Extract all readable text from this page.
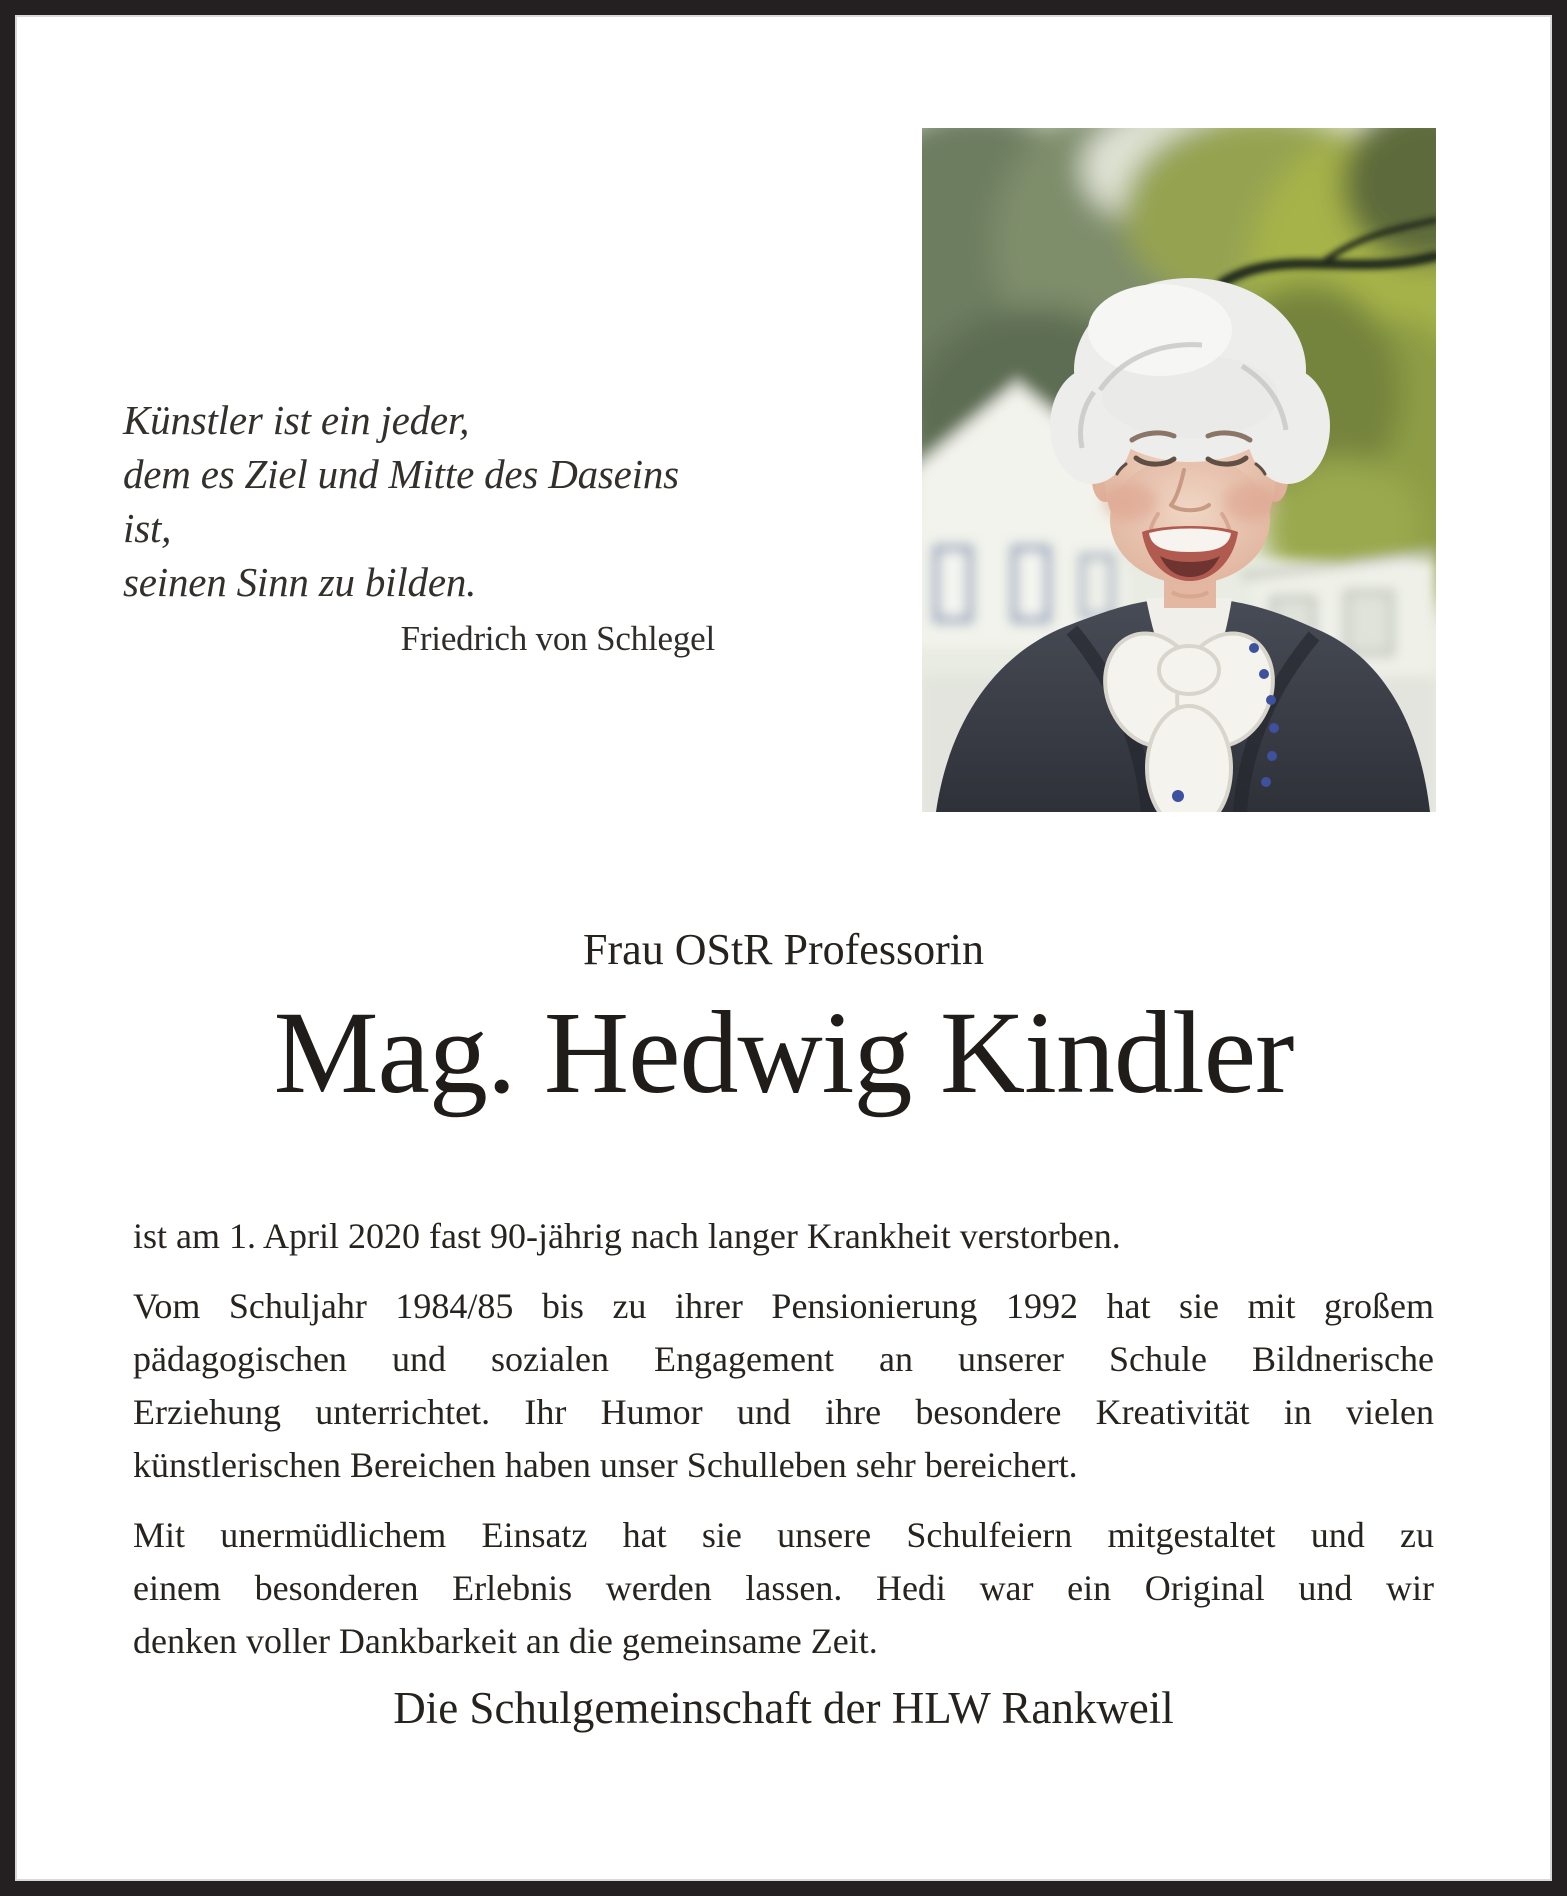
Künstler ist ein jeder,
dem es Ziel und Mitte des Daseins ist,
seinen Sinn zu bilden.
Friedrich von Schlegel
Frau OStR Professorin
Mag. Hedwig Kindler
ist am 1. April 2020 fast 90-jährig nach langer Krankheit verstorben.
Vom Schuljahr 1984/85 bis zu ihrer Pensionierung 1992 hat sie mit großem
pädagogischen und sozialen Engagement an unserer Schule Bildnerische
Erziehung unterrichtet. Ihr Humor und ihre besondere Kreativität in vielen
künstlerischen Bereichen haben unser Schulleben sehr bereichert.
Mit unermüdlichem Einsatz hat sie unsere Schulfeiern mitgestaltet und zu
einem besonderen Erlebnis werden lassen. Hedi war ein Original und wir
denken voller Dankbarkeit an die gemeinsame Zeit.
Die Schulgemeinschaft der HLW Rankweil
